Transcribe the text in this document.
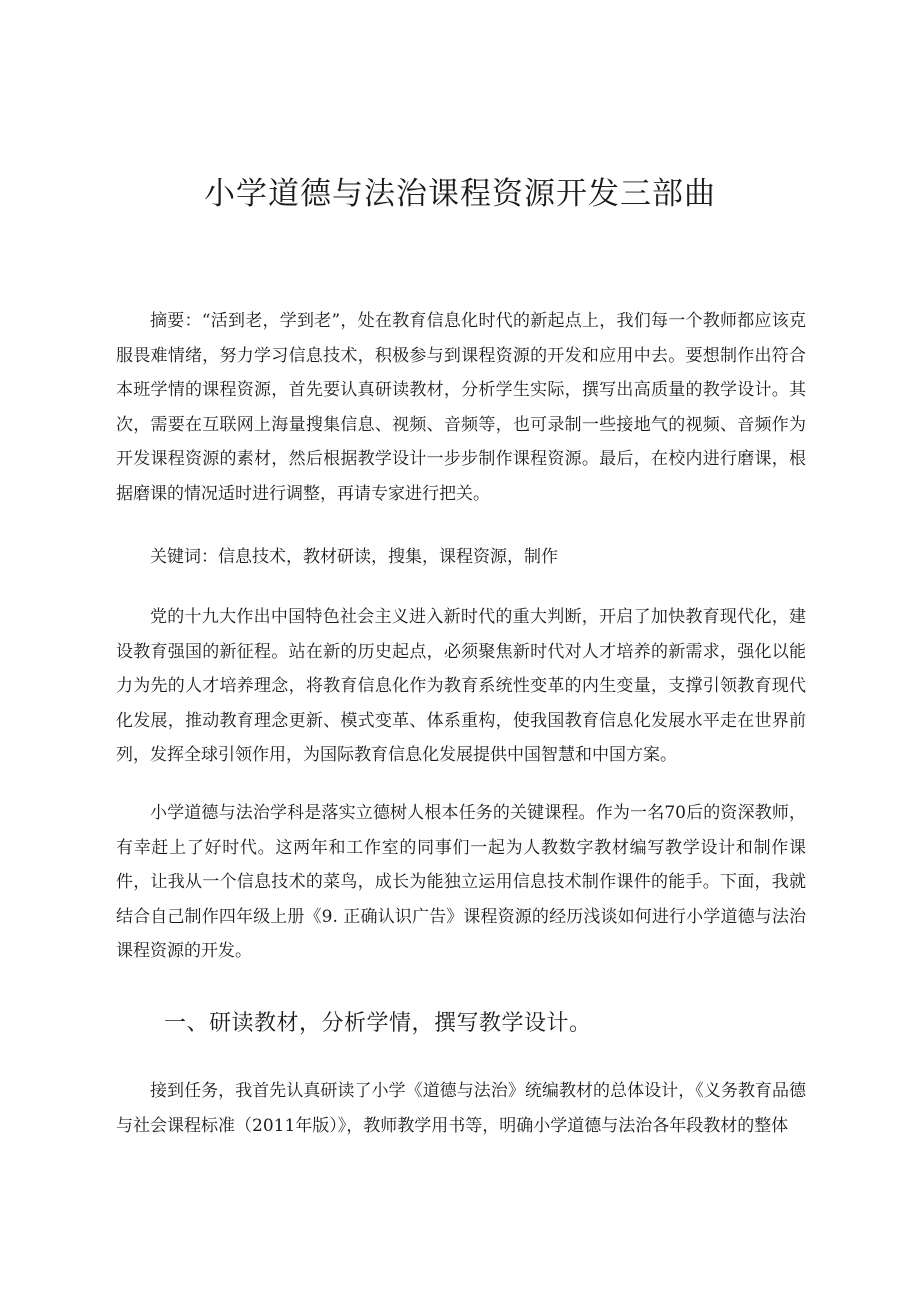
小学道德与法治课程资源开发三部曲

摘要：“活到老，学到老”，处在教育信息化时代的新起点上，我们每一个教师都应该克服畏难情绪，努力学习信息技术，积极参与到课程资源的开发和应用中去。要想制作出符合本班学情的课程资源，首先要认真研读教材，分析学生实际，撰写出高质量的教学设计。其次，需要在互联网上海量搜集信息、视频、音频等，也可录制一些接地气的视频、音频作为开发课程资源的素材，然后根据教学设计一步步制作课程资源。最后，在校内进行磨课，根据磨课的情况适时进行调整，再请专家进行把关。

关键词：信息技术，教材研读，搜集，课程资源，制作

党的十九大作出中国特色社会主义进入新时代的重大判断，开启了加快教育现代化，建设教育强国的新征程。站在新的历史起点，必须聚焦新时代对人才培养的新需求，强化以能力为先的人才培养理念，将教育信息化作为教育系统性变革的内生变量，支撑引领教育现代化发展，推动教育理念更新、模式变革、体系重构，使我国教育信息化发展水平走在世界前列，发挥全球引领作用，为国际教育信息化发展提供中国智慧和中国方案。

小学道德与法治学科是落实立德树人根本任务的关键课程。作为一名70后的资深教师，有幸赶上了好时代。这两年和工作室的同事们一起为人教数字教材编写教学设计和制作课件，让我从一个信息技术的菜鸟，成长为能独立运用信息技术制作课件的能手。下面，我就结合自己制作四年级上册《9. 正确认识广告》课程资源的经历浅谈如何进行小学道德与法治课程资源的开发。

一、研读教材，分析学情，撰写教学设计。

接到任务，我首先认真研读了小学《道德与法治》统编教材的总体设计，《义务教育品德与社会课程标准（2011年版）》，教师教学用书等，明确小学道德与法治各年段教材的整体
